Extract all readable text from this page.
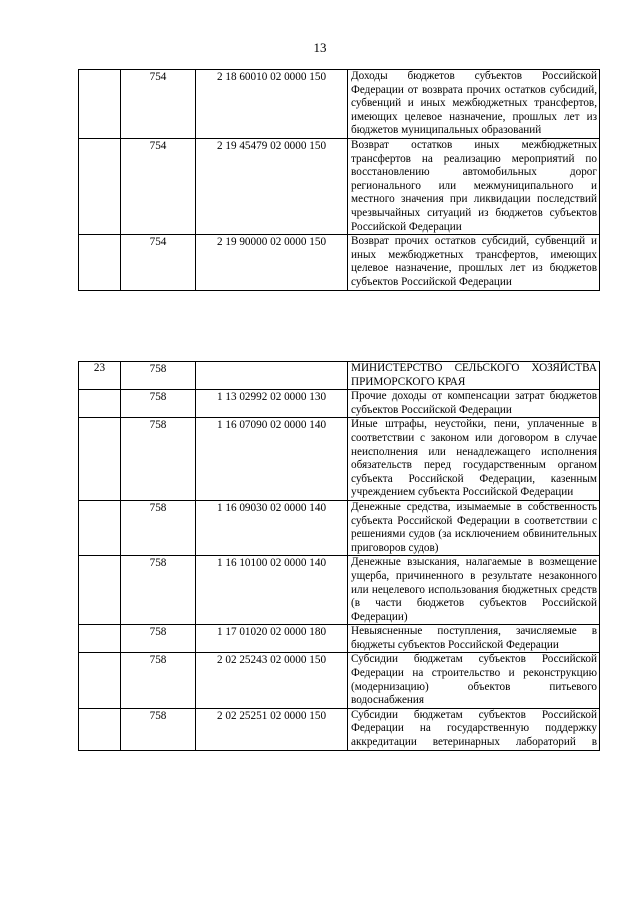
13
	754	2 18 60010 02 0000 150	Доходы бюджетов субъектов Российской Федерации от возврата прочих остатков субсидий, субвенций и иных межбюджетных трансфертов, имеющих целевое назначение, прошлых лет из бюджетов муниципальных образований
	754	2 19 45479 02 0000 150	Возврат остатков иных межбюджетных трансфертов на реализацию мероприятий по восстановлению автомобильных дорог регионального или межмуниципального и местного значения при ликвидации последствий чрезвычайных ситуаций из бюджетов субъектов Российской Федерации
	754	2 19 90000 02 0000 150	Возврат прочих остатков субсидий, субвенций и иных межбюджетных трансфертов, имеющих целевое назначение, прошлых лет из бюджетов субъектов Российской Федерации
23	758		МИНИСТЕРСТВО СЕЛЬСКОГО ХОЗЯЙСТВА ПРИМОРСКОГО КРАЯ
	758	1 13 02992 02 0000 130	Прочие доходы от компенсации затрат бюджетов субъектов Российской Федерации
	758	1 16 07090 02 0000 140	Иные штрафы, неустойки, пени, уплаченные в соответствии с законом или договором в случае неисполнения или ненадлежащего исполнения обязательств перед государственным органом субъекта Российской Федерации, казенным учреждением субъекта Российской Федерации
	758	1 16 09030 02 0000 140	Денежные средства, изымаемые в собственность субъекта Российской Федерации в соответствии с решениями судов (за исключением обвинительных приговоров судов)
	758	1 16 10100 02 0000 140	Денежные взыскания, налагаемые в возмещение ущерба, причиненного в результате незаконного или нецелевого использования бюджетных средств (в части бюджетов субъектов Российской Федерации)
	758	1 17 01020 02 0000 180	Невыясненные поступления, зачисляемые в бюджеты субъектов Российской Федерации
	758	2 02 25243 02 0000 150	Субсидии бюджетам субъектов Российской Федерации на строительство и реконструкцию (модернизацию) объектов питьевого водоснабжения
	758	2 02 25251 02 0000 150	Субсидии бюджетам субъектов Российской Федерации на государственную поддержку аккредитации ветеринарных лабораторий в
